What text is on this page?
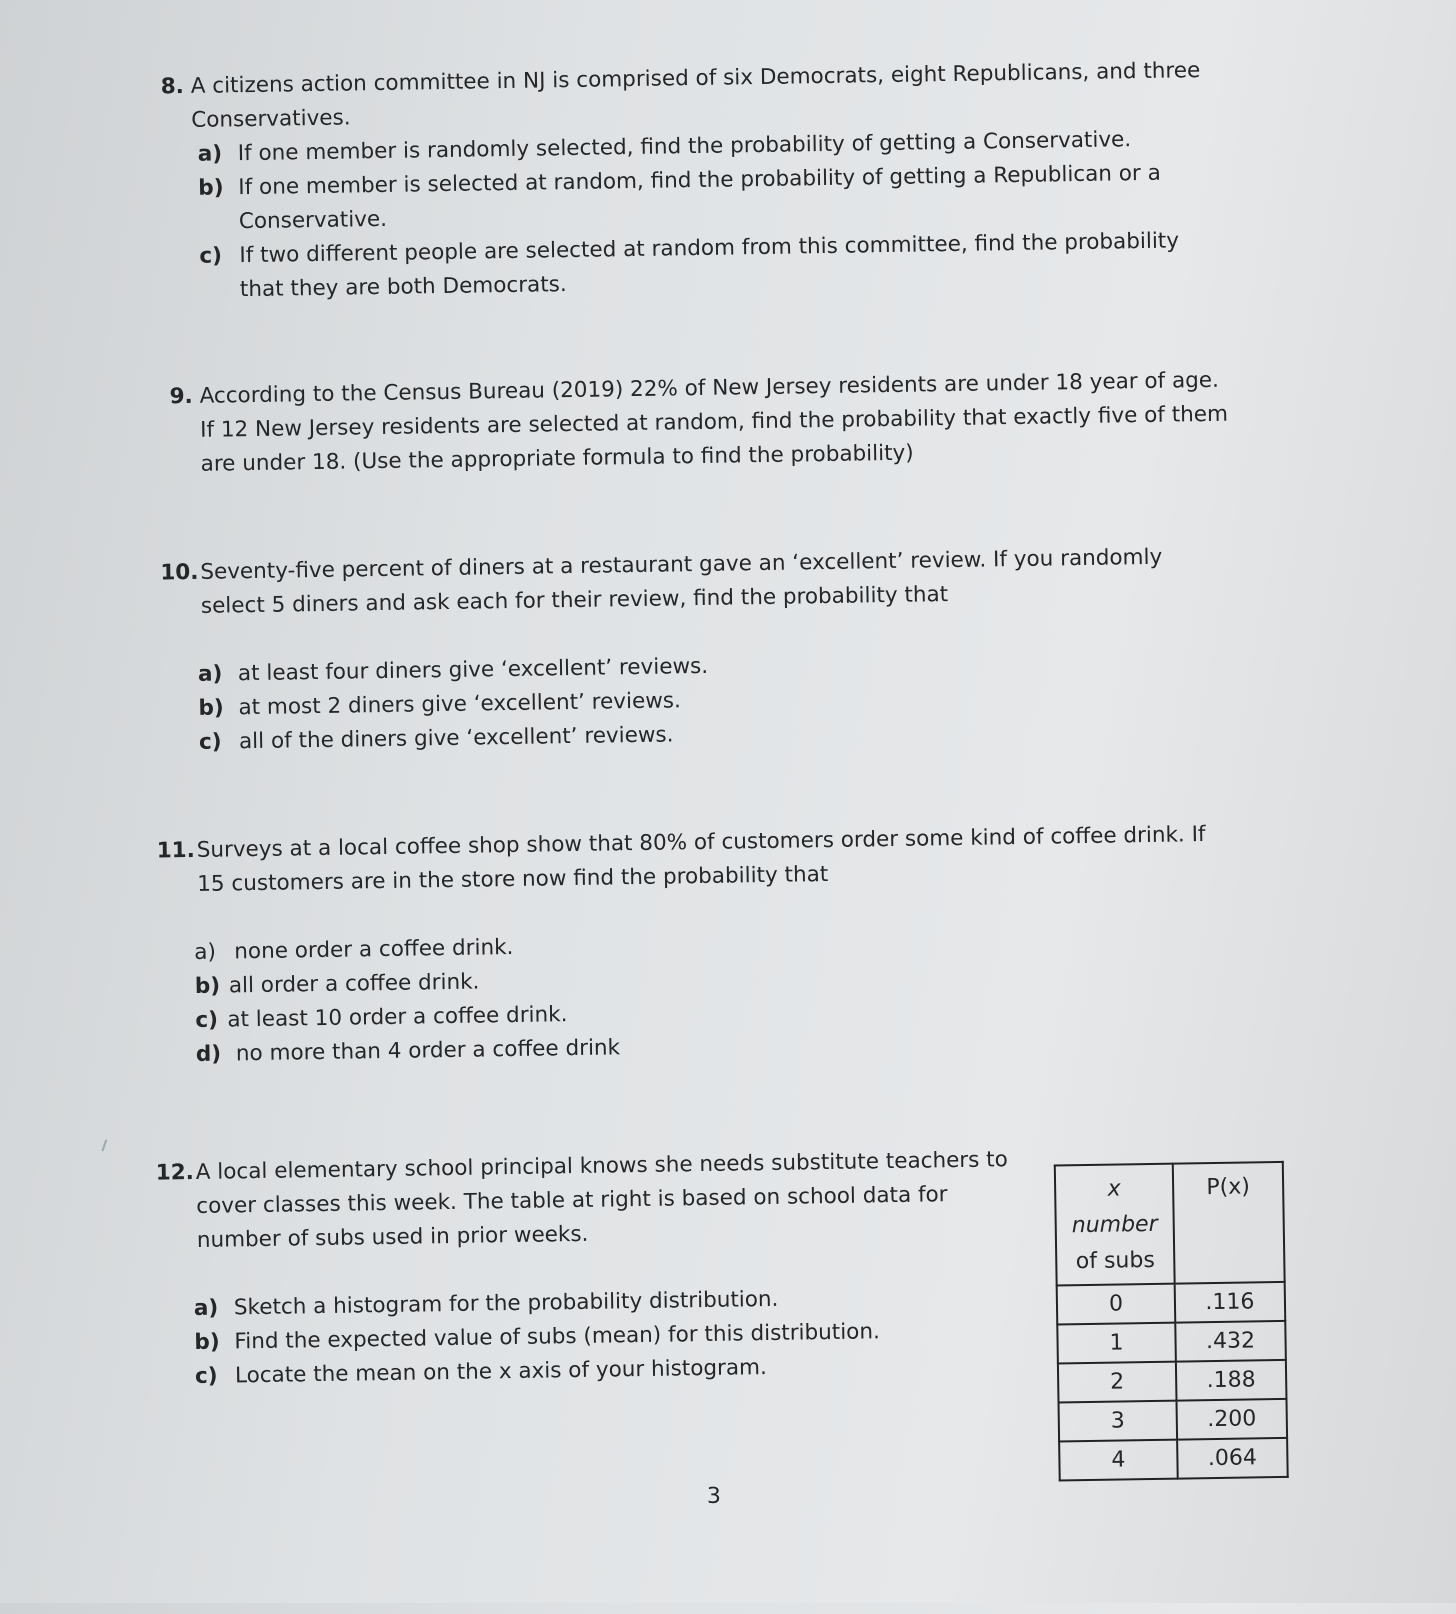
8. A citizens action committee in NJ is comprised of six Democrats, eight Republicans, and three
Conservatives.
a) If one member is randomly selected, find the probability of getting a Conservative.
b) If one member is selected at random, find the probability of getting a Republican or a
Conservative.
c) If two different people are selected at random from this committee, find the probability
that they are both Democrats.
9. According to the Census Bureau (2019) 22% of New Jersey residents are under 18 year of age.
If 12 New Jersey residents are selected at random, find the probability that exactly five of them
are under 18. (Use the appropriate formula to find the probability)
10. Seventy-five percent of diners at a restaurant gave an ‘excellent’ review. If you randomly
select 5 diners and ask each for their review, find the probability that
a) at least four diners give ‘excellent’ reviews.
b) at most 2 diners give ‘excellent’ reviews.
c) all of the diners give ‘excellent’ reviews.
11. Surveys at a local coffee shop show that 80% of customers order some kind of coffee drink. If
15 customers are in the store now find the probability that
a) none order a coffee drink.
b) all order a coffee drink.
c) at least 10 order a coffee drink.
d) no more than 4 order a coffee drink
12. A local elementary school principal knows she needs substitute teachers to
cover classes this week. The table at right is based on school data for
number of subs used in prior weeks.
a) Sketch a histogram for the probability distribution.
b) Find the expected value of subs (mean) for this distribution.
c) Locate the mean on the x axis of your histogram.
x
number
of subs	P(x)
0	.116
1	.432
2	.188
3	.200
4	.064
3
